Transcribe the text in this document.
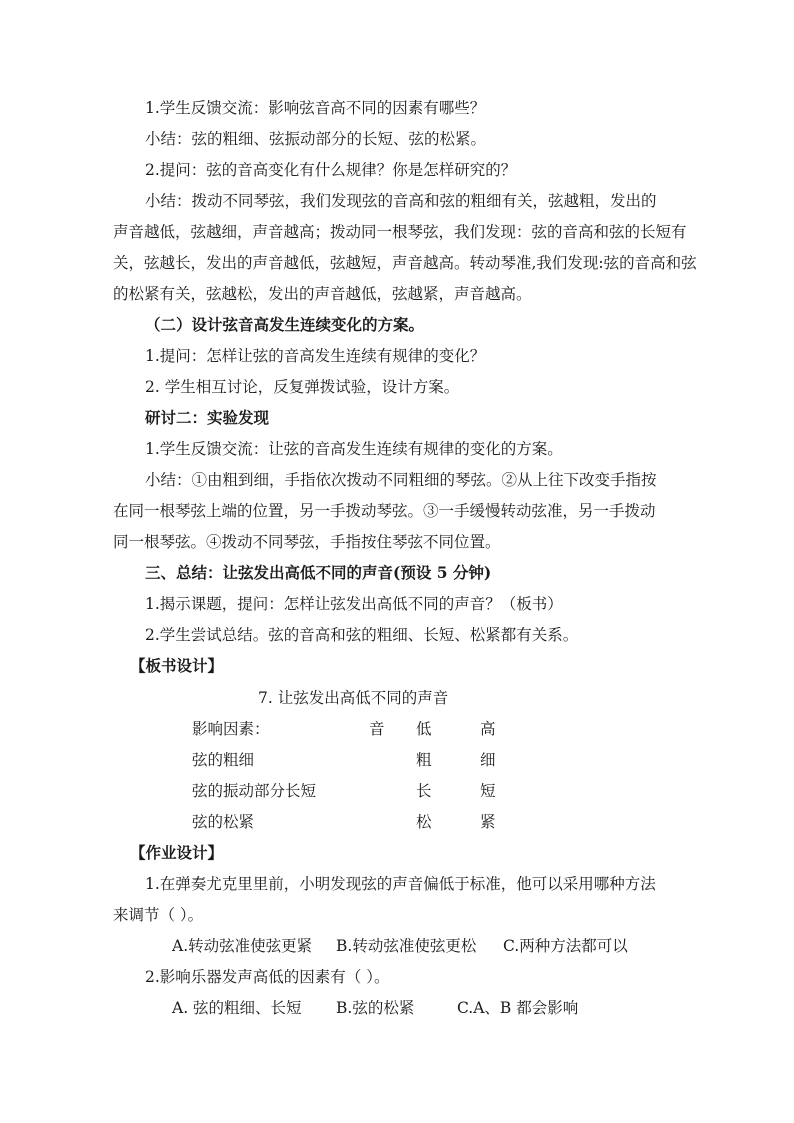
1.学生反馈交流：影响弦音高不同的因素有哪些？
小结：弦的粗细、弦振动部分的长短、弦的松紧。
2.提问：弦的音高变化有什么规律？你是怎样研究的？
小结：拨动不同琴弦，我们发现弦的音高和弦的粗细有关，弦越粗，发出的
声音越低，弦越细，声音越高；拨动同一根琴弦，我们发现：弦的音高和弦的长短有
关，弦越长，发出的声音越低，弦越短，声音越高。转动琴准,我们发现:弦的音高和弦
的松紧有关，弦越松，发出的声音越低，弦越紧，声音越高。
（二）设计弦音高发生连续变化的方案。
1.提问：怎样让弦的音高发生连续有规律的变化？
2. 学生相互讨论，反复弹拨试验，设计方案。
研讨二：实验发现
1.学生反馈交流：让弦的音高发生连续有规律的变化的方案。
小结：①由粗到细，手指依次拨动不同粗细的琴弦。②从上往下改变手指按
在同一根琴弦上端的位置，另一手拨动琴弦。③一手缓慢转动弦准，另一手拨动
同一根琴弦。④拨动不同琴弦，手指按住琴弦不同位置。
三、总结：让弦发出高低不同的声音(预设 5 分钟)
1.揭示课题，提问：怎样让弦发出高低不同的声音？（板书）
2.学生尝试总结。弦的音高和弦的粗细、长短、松紧都有关系。
【板书设计】
7. 让弦发出高低不同的声音
影响因素：	音 低	高
弦的粗细	粗	细
弦的振动部分长短	长	短
弦的松紧	松	紧
【作业设计】
1.在弹奏尤克里里前，小明发现弦的声音偏低于标准，他可以采用哪种方法
来调节（ ）。
A.转动弦准使弦更紧 B.转动弦准使弦更松 C.两种方法都可以
2.影响乐器发声高低的因素有（ ）。
A. 弦的粗细、长短 B.弦的松紧	C.A、B 都会影响
